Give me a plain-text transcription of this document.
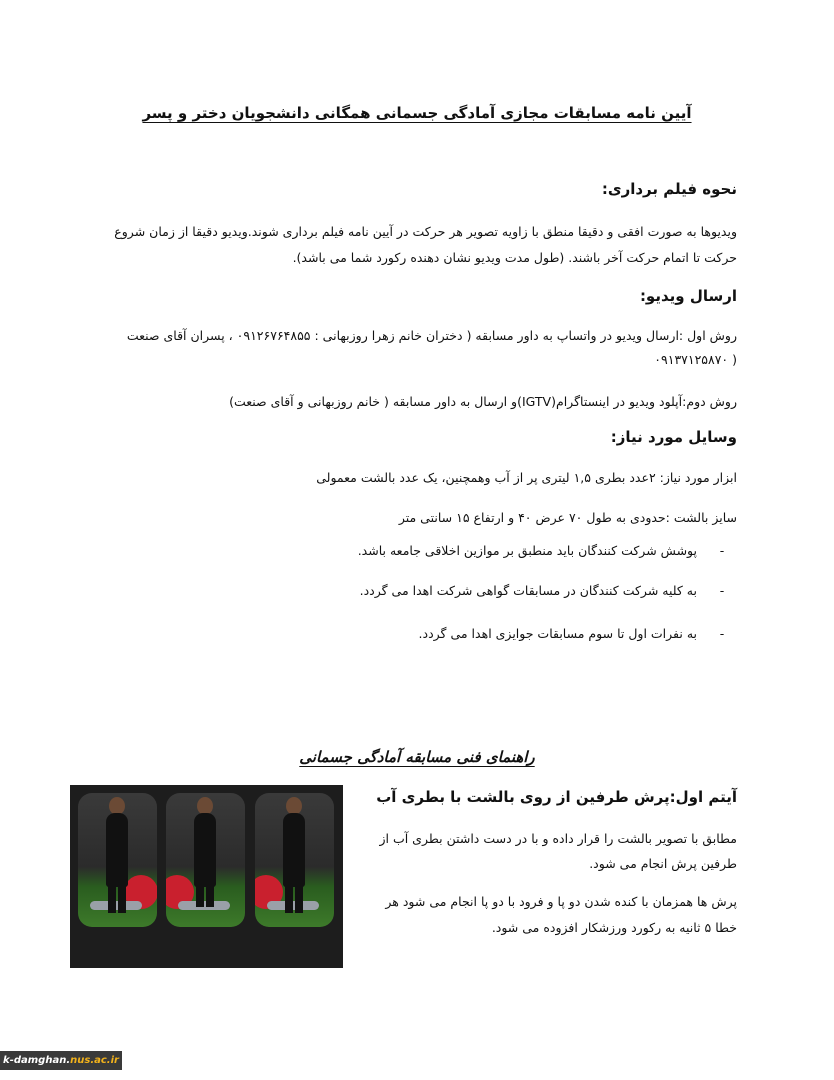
آیین نامه مسابقات مجازی آمادگی جسمانی همگانی دانشجویان دختر و پسر
نحوه فیلم برداری:
ویدیوها به صورت افقی و دقیقا منطق با زاویه تصویر هر حرکت در آیین نامه فیلم برداری شوند.ویدیو دقیقا از زمان شروع
حرکت تا اتمام حرکت آخر باشند. (طول مدت ویدیو نشان دهنده رکورد شما می باشد).
ارسال ویدیو:
روش اول :ارسال ویدیو در واتساپ به داور مسابقه ( دختران خانم زهرا روزبهانی : ۰۹۱۲۶۷۶۴۸۵۵ ، پسران آقای صنعت
۰۹۱۳۷۱۲۵۸۷۰ )
روش دوم:آپلود ویدیو در اینستاگرام(IGTV)و ارسال به داور مسابقه ( خانم روزبهانی و آقای صنعت)
وسایل مورد نیاز:
ابزار مورد نیاز: ۲عدد بطری ۱,۵ لیتری پر از آب وهمچنین، یک عدد بالشت معمولی
سایز بالشت :حدودی به طول ۷۰ عرض ۴۰ و ارتفاع ۱۵ سانتی متر
-
پوشش شرکت کنندگان باید منطبق بر موازین اخلاقی جامعه باشد.
-
به کلیه شرکت کنندگان در مسابقات گواهی شرکت اهدا می گردد.
-
به نفرات اول تا سوم مسابقات جوایزی اهدا می گردد.
راهنمای فنی مسابقه آمادگی جسمانی
آیتم اول:پرش طرفین از روی بالشت با بطری آب
مطابق با تصویر بالشت را قرار داده و با در دست داشتن بطری آب از
طرفین پرش انجام می شود.
پرش ها همزمان با کنده شدن دو پا و فرود با دو پا انجام می شود هر
خطا ۵ ثانیه به رکورد ورزشکار افزوده می شود.
k-damghan.nus.ac.ir
